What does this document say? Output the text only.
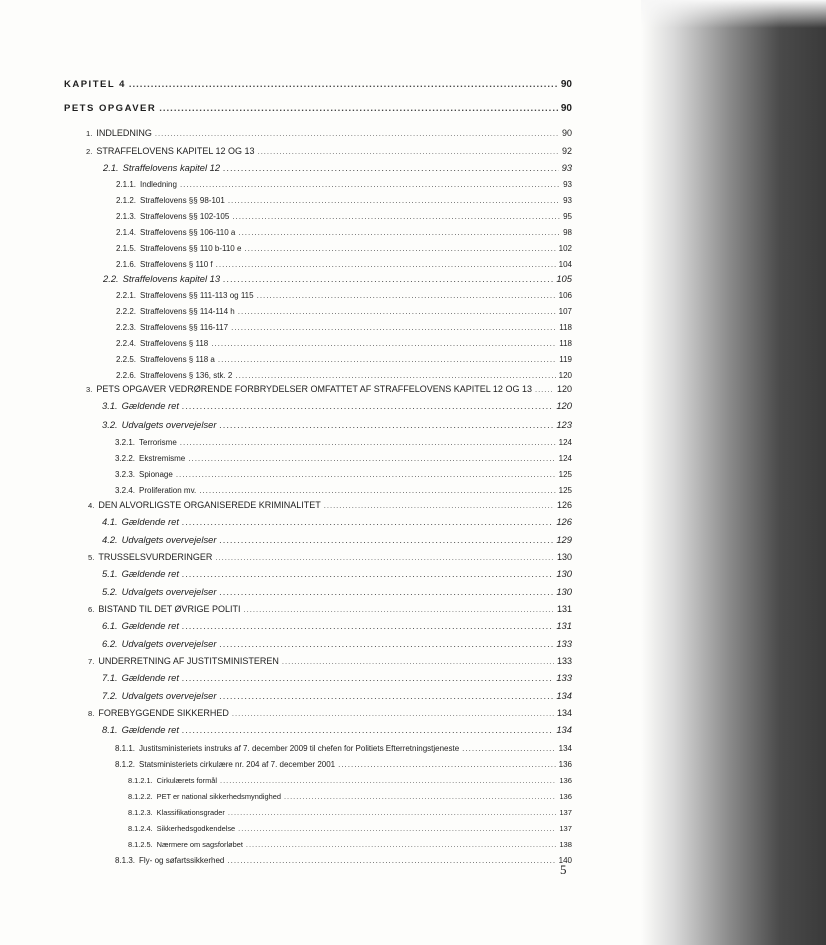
KAPITEL 4 .....	90
PETS OPGAVER .....	90
1. INDLEDNING .....	90
2. STRAFFELOVENS KAPITEL 12 OG 13 .....	92
2.1. Straffelovens kapitel 12 .....	93
2.1.1. Indledning .....	93
2.1.2. Straffelovens §§ 98-101 .....	93
2.1.3. Straffelovens §§ 102-105 .....	95
2.1.4. Straffelovens §§ 106-110 a .....	98
2.1.5. Straffelovens §§ 110 b-110 e .....	102
2.1.6. Straffelovens § 110 f .....	104
2.2. Straffelovens kapitel 13 .....	105
2.2.1. Straffelovens §§ 111-113 og 115 .....	106
2.2.2. Straffelovens §§ 114-114 h .....	107
2.2.3. Straffelovens §§ 116-117 .....	118
2.2.4. Straffelovens § 118 .....	118
2.2.5. Straffelovens § 118 a .....	119
2.2.6. Straffelovens § 136, stk. 2 .....	120
3. PETS OPGAVER VEDRØRENDE FORBRYDELSER OMFATTET AF STRAFFELOVENS KAPITEL 12 OG 13 .....	120
3.1. Gældende ret .....	120
3.2. Udvalgets overvejelser .....	123
3.2.1. Terrorisme .....	124
3.2.2. Ekstremisme .....	124
3.2.3. Spionage .....	125
3.2.4. Proliferation mv. .....	125
4. DEN ALVORLIGSTE ORGANISEREDE KRIMINALITET .....	126
4.1. Gældende ret .....	126
4.2. Udvalgets overvejelser .....	129
5. TRUSSELSVURDERINGER .....	130
5.1. Gældende ret .....	130
5.2. Udvalgets overvejelser .....	130
6. BISTAND TIL DET ØVRIGE POLITI .....	131
6.1. Gældende ret .....	131
6.2. Udvalgets overvejelser .....	133
7. UNDERRETNING AF JUSTITSMINISTEREN .....	133
7.1. Gældende ret .....	133
7.2. Udvalgets overvejelser .....	134
8. FOREBYGGENDE SIKKERHED .....	134
8.1. Gældende ret .....	134
8.1.1. Justitsministeriets instruks af 7. december 2009 til chefen for Politiets Efterretningstjeneste .....	134
8.1.2. Statsministeriets cirkulære nr. 204 af 7. december 2001 .....	136
8.1.2.1. Cirkulærets formål .....	136
8.1.2.2. PET er national sikkerhedsmyndighed .....	136
8.1.2.3. Klassifikationsgrader .....	137
8.1.2.4. Sikkerhedsgodkendelse .....	137
8.1.2.5. Nærmere om sagsforløbet .....	138
8.1.3. Fly- og søfartssikkerhed .....	140
5
